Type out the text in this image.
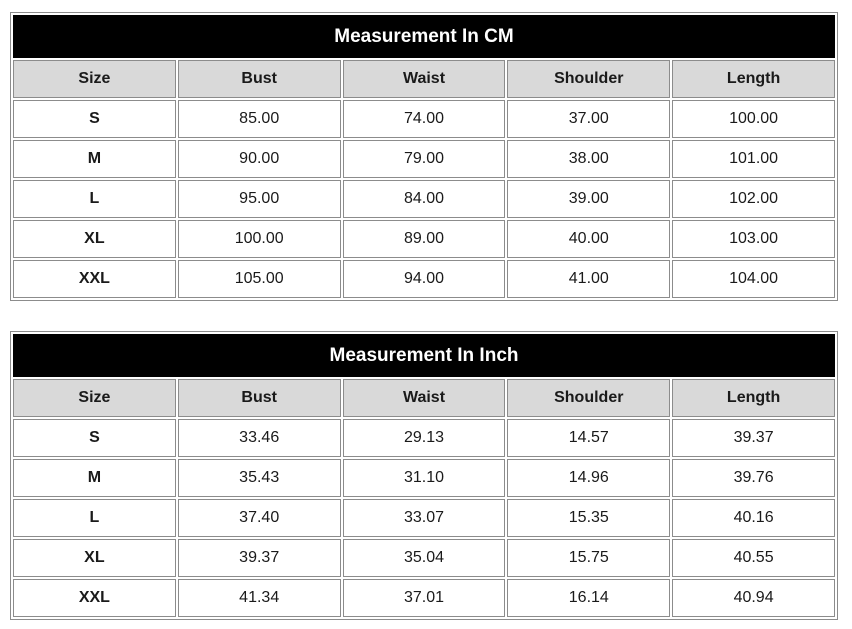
Measurement In CM				
Size	Bust	Waist	Shoulder	Length
S	85.00	74.00	37.00	100.00
M	90.00	79.00	38.00	101.00
L	95.00	84.00	39.00	102.00
XL	100.00	89.00	40.00	103.00
XXL	105.00	94.00	41.00	104.00
Measurement In Inch				
Size	Bust	Waist	Shoulder	Length
S	33.46	29.13	14.57	39.37
M	35.43	31.10	14.96	39.76
L	37.40	33.07	15.35	40.16
XL	39.37	35.04	15.75	40.55
XXL	41.34	37.01	16.14	40.94
